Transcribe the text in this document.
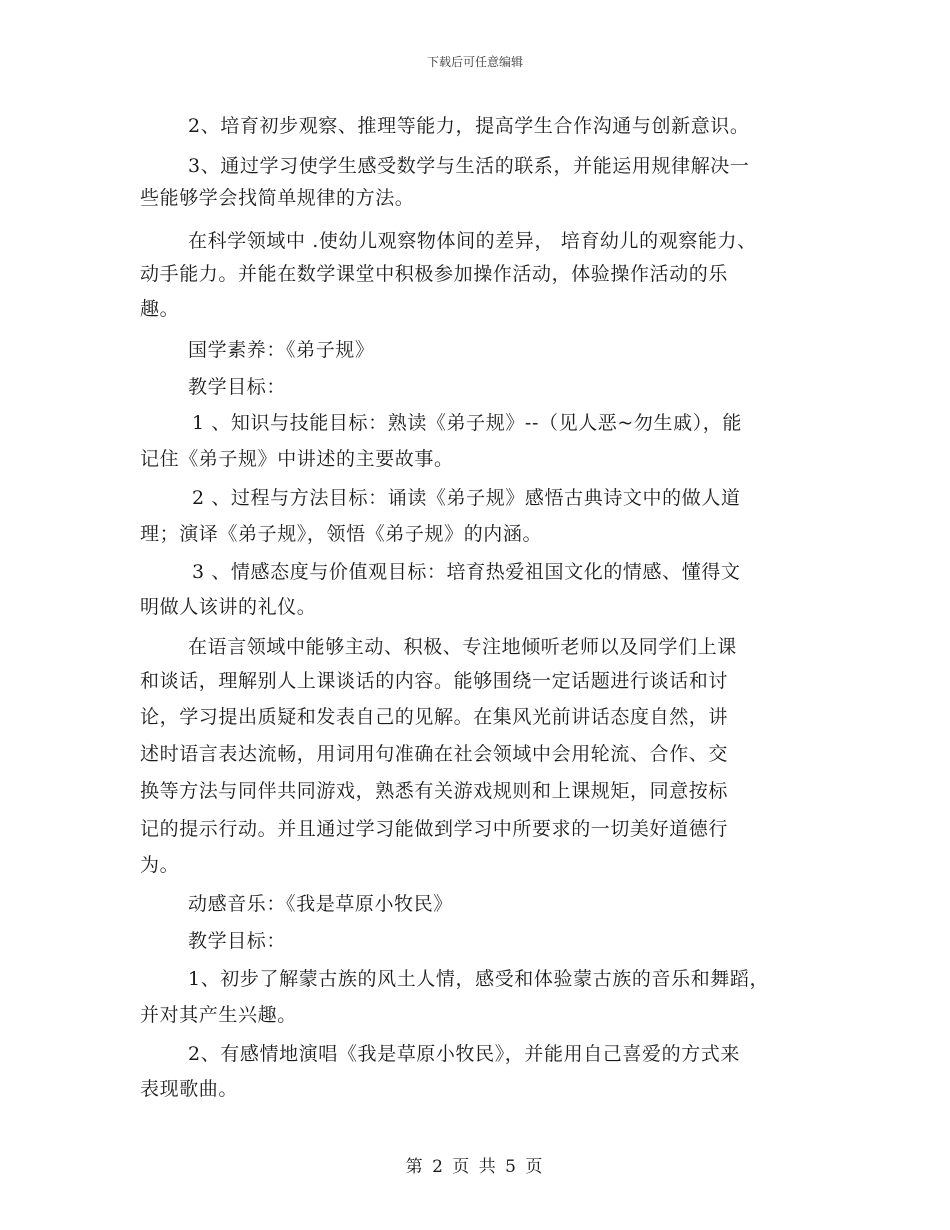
下载后可任意编辑
2、培育初步观察、推理等能力，提高学生合作沟通与创新意识。
3、通过学习使学生感受数学与生活的联系，并能运用规律解决一
些能够学会找简单规律的方法。
在科学领域中 .使幼儿观察物体间的差异， 培育幼儿的观察能力、
动手能力。并能在数学课堂中积极参加操作活动，体验操作活动的乐
趣。
国学素养：《弟子规》
教学目标：
1 、知识与技能目标：熟读《弟子规》--（见人恶~勿生戚），能
记住《弟子规》中讲述的主要故事。
2 、过程与方法目标：诵读《弟子规》感悟古典诗文中的做人道
理；演译《弟子规》，领悟《弟子规》的内涵。
3 、情感态度与价值观目标：培育热爱祖国文化的情感、懂得文
明做人该讲的礼仪。
在语言领域中能够主动、积极、专注地倾听老师以及同学们上课
和谈话，理解别人上课谈话的内容。能够围绕一定话题进行谈话和讨
论，学习提出质疑和发表自己的见解。在集风光前讲话态度自然，讲
述时语言表达流畅，用词用句准确在社会领域中会用轮流、合作、交
换等方法与同伴共同游戏，熟悉有关游戏规则和上课规矩，同意按标
记的提示行动。并且通过学习能做到学习中所要求的一切美好道德行
为。
动感音乐：《我是草原小牧民》
教学目标：
1、初步了解蒙古族的风土人情，感受和体验蒙古族的音乐和舞蹈，
并对其产生兴趣。
2、有感情地演唱《我是草原小牧民》，并能用自己喜爱的方式来
表现歌曲。
第 2 页 共 5 页
